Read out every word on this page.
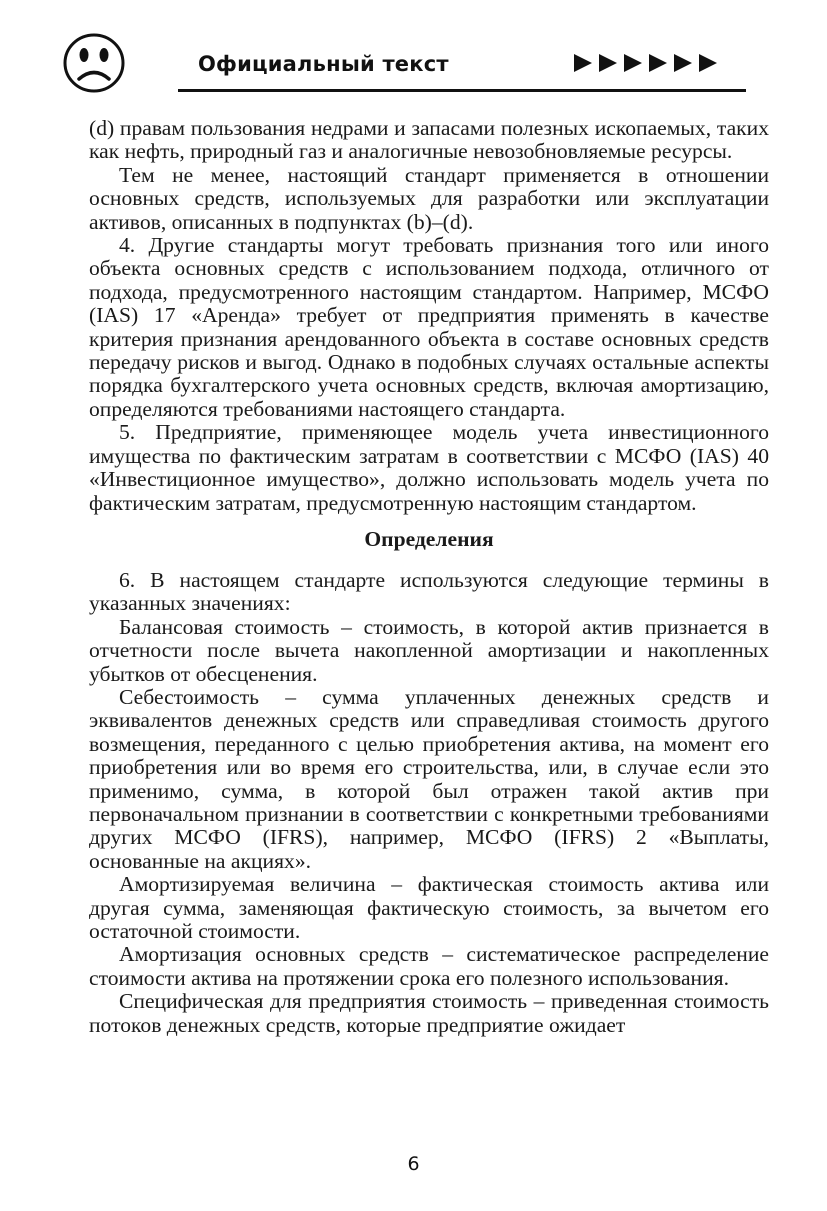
Официальный текст

(d) правам пользования недрами и запасами полезных ископаемых, таких как нефть, природный газ и аналогичные невозобновляемые ресурсы.

Тем не менее, настоящий стандарт применяется в отношении основных средств, используемых для разработки или эксплуатации активов, описанных в подпунктах (b)–(d).

4. Другие стандарты могут требовать признания того или иного объекта основных средств с использованием подхода, отличного от подхода, предусмотренного настоящим стандартом. Например, МСФО (IAS) 17 «Аренда» требует от предприятия применять в качестве критерия признания арендованного объекта в составе основных средств передачу рисков и выгод. Однако в подобных случаях остальные аспекты порядка бухгалтерского учета основных средств, включая амортизацию, определяются требованиями настоящего стандарта.

5. Предприятие, применяющее модель учета инвестиционного имущества по фактическим затратам в соответствии с МСФО (IAS) 40 «Инвестиционное имущество», должно использовать модель учета по фактическим затратам, предусмотренную настоящим стандартом.

Определения

6. В настоящем стандарте используются следующие термины в указанных значениях:

Балансовая стоимость – стоимость, в которой актив признается в отчетности после вычета накопленной амортизации и накопленных убытков от обесценения.

Себестоимость – сумма уплаченных денежных средств и эквивалентов денежных средств или справедливая стоимость другого возмещения, переданного с целью приобретения актива, на момент его приобретения или во время его строительства, или, в случае если это применимо, сумма, в которой был отражен такой актив при первоначальном признании в соответствии с конкретными требованиями других МСФО (IFRS), например, МСФО (IFRS) 2 «Выплаты, основанные на акциях».

Амортизируемая величина – фактическая стоимость актива или другая сумма, заменяющая фактическую стоимость, за вычетом его остаточной стоимости.

Амортизация основных средств – систематическое распределение стоимости актива на протяжении срока его полезного использования.

Специфическая для предприятия стоимость – приведенная стоимость потоков денежных средств, которые предприятие ожидает

6
